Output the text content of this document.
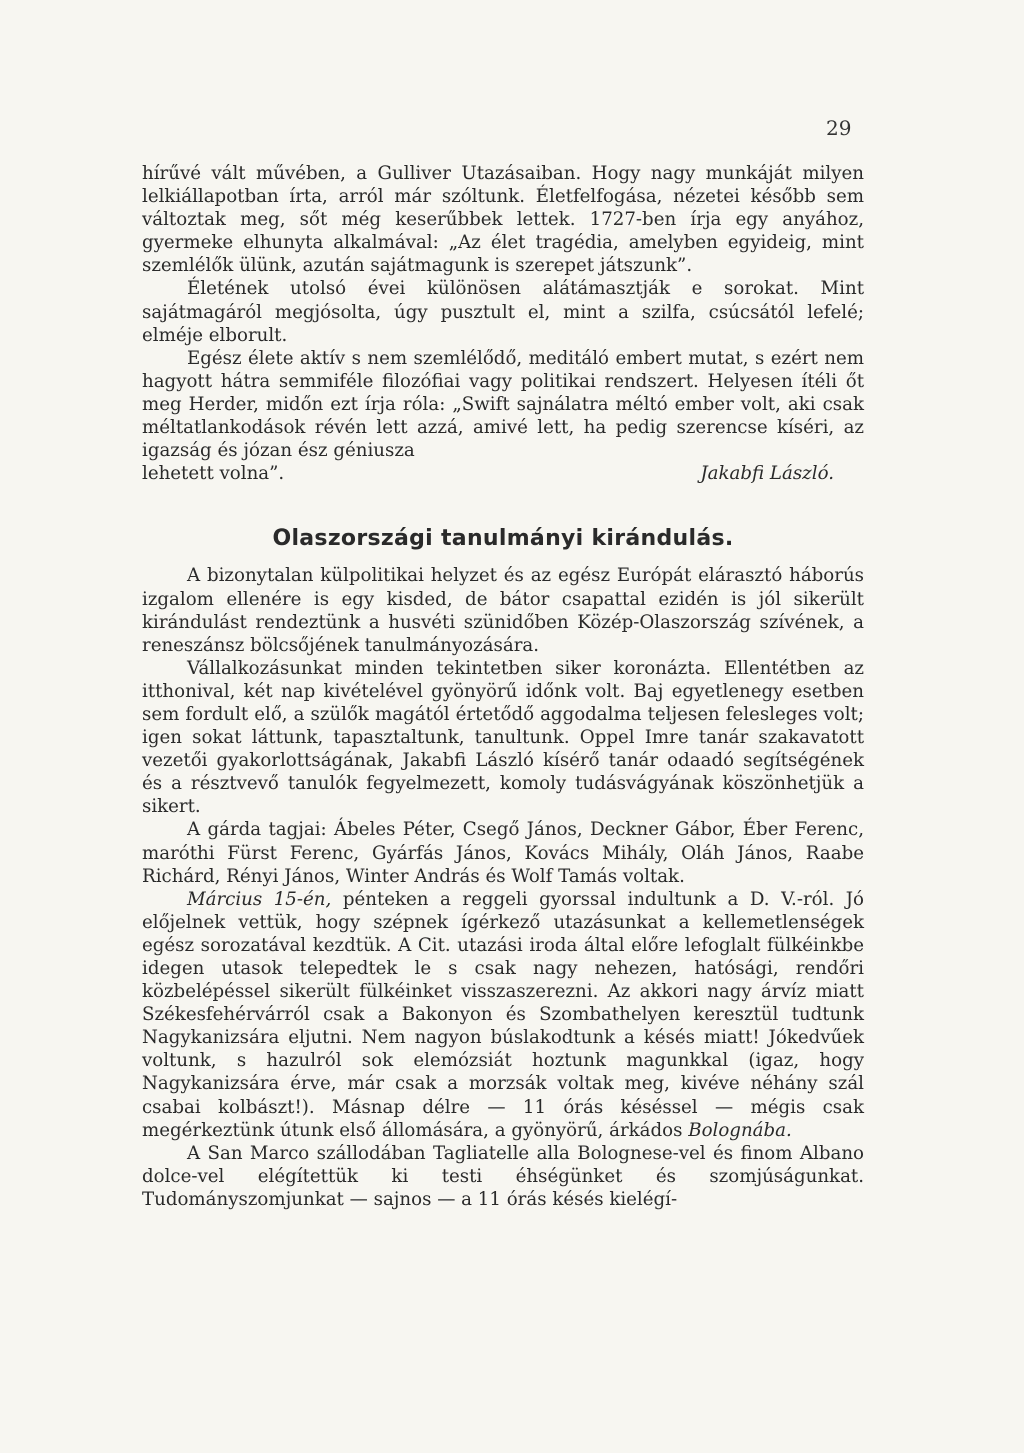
29

hírűvé vált művében, a Gulliver Utazásaiban. Hogy nagy munkáját milyen lelkiállapotban írta, arról már szóltunk. Életfelfogása, nézetei később sem változtak meg, sőt még keserűbbek lettek. 1727-ben írja egy anyához, gyermeke elhunyta alkalmával: „Az élet tragédia, amelyben egyideig, mint szemlélők ülünk, azután sajátmagunk is szerepet játszunk”.

Életének utolsó évei különösen alátámasztják e sorokat. Mint sajátmagáról megjósolta, úgy pusztult el, mint a szilfa, csúcsától lefelé; elméje elborult.

Egész élete aktív s nem szemlélődő, meditáló embert mutat, s ezért nem hagyott hátra semmiféle filozófiai vagy politikai rendszert. Helyesen ítéli őt meg Herder, midőn ezt írja róla: „Swift sajnálatra méltó ember volt, aki csak méltatlankodások révén lett azzá, amivé lett, ha pedig szerencse kíséri, az igazság és józan ész géniusza

lehetett volna”.	Jakabfi László.
Olaszországi tanulmányi kirándulás.

A bizonytalan külpolitikai helyzet és az egész Európát elárasztó háborús izgalom ellenére is egy kisded, de bátor csapattal ezidén is jól sikerült kirándulást rendeztünk a husvéti szünidőben Közép-Olaszország szívének, a reneszánsz bölcsőjének tanulmányozására.

Vállalkozásunkat minden tekintetben siker koronázta. Ellentétben az itthonival, két nap kivételével gyönyörű időnk volt. Baj egyetlenegy esetben sem fordult elő, a szülők magától értetődő aggodalma teljesen felesleges volt; igen sokat láttunk, tapasztaltunk, tanultunk. Oppel Imre tanár szakavatott vezetői gyakorlottságának, Jakabfi László kísérő tanár odaadó segítségének és a résztvevő tanulók fegyelmezett, komoly tudásvágyának köszönhetjük a sikert.

A gárda tagjai: Ábeles Péter, Csegő János, Deckner Gábor, Éber Ferenc, maróthi Fürst Ferenc, Gyárfás János, Kovács Mihály, Oláh János, Raabe Richárd, Rényi János, Winter András és Wolf Tamás voltak.

Március 15-én, pénteken a reggeli gyorssal indultunk a D. V.-ról. Jó előjelnek vettük, hogy szépnek ígérkező utazásunkat a kellemetlenségek egész sorozatával kezdtük. A Cit. utazási iroda által előre lefoglalt fülkéinkbe idegen utasok telepedtek le s csak nagy nehezen, hatósági, rendőri közbelépéssel sikerült fülkéinket visszaszerezni. Az akkori nagy árvíz miatt Székesfehérvárról csak a Bakonyon és Szombathelyen keresztül tudtunk Nagykanizsára eljutni. Nem nagyon búslakodtunk a késés miatt! Jókedvűek voltunk, s hazulról sok elemózsiát hoztunk magunkkal (igaz, hogy Nagykanizsára érve, már csak a morzsák voltak meg, kivéve néhány szál csabai kolbászt!). Másnap délre — 11 órás késéssel — mégis csak megérkeztünk útunk első állomására, a gyönyörű, árkádos Bolognába.

A San Marco szállodában Tagliatelle alla Bolognese-vel és finom Albano dolce-vel elégítettük ki testi éhségünket és szomjúságunkat. Tudományszomjunkat — sajnos — a 11 órás késés kielégí-
